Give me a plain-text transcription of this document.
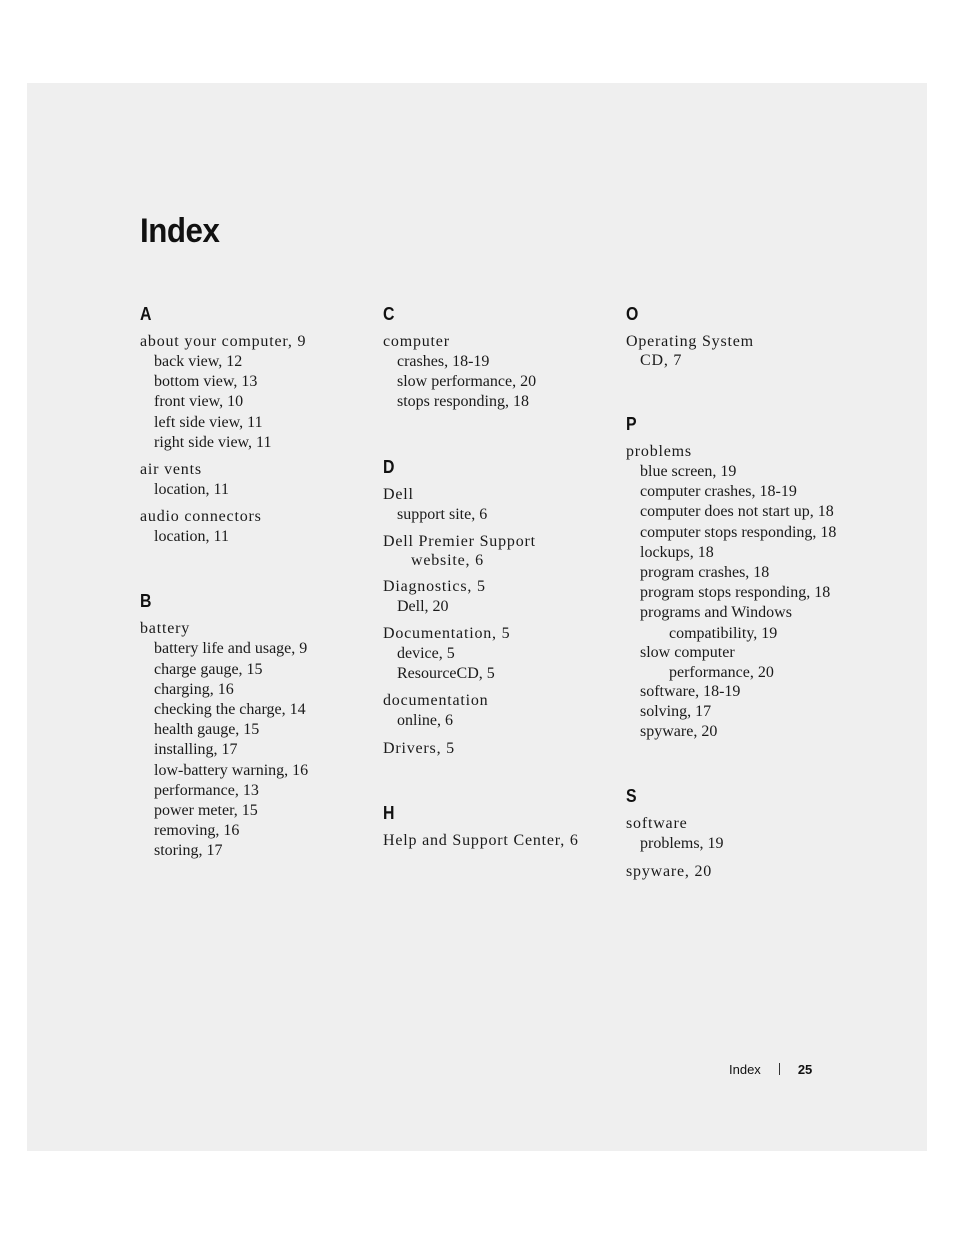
Index
A
about your computer, 9
back view, 12
bottom view, 13
front view, 10
left side view, 11
right side view, 11
air vents
location, 11
audio connectors
location, 11
B
battery
battery life and usage, 9
charge gauge, 15
charging, 16
checking the charge, 14
health gauge, 15
installing, 17
low-battery warning, 16
performance, 13
power meter, 15
removing, 16
storing, 17
C
computer
crashes, 18-19
slow performance, 20
stops responding, 18
D
Dell
support site, 6
Dell Premier Support
website, 6
Diagnostics, 5
Dell, 20
Documentation, 5
device, 5
ResourceCD, 5
documentation
online, 6
Drivers, 5
H
Help and Support Center, 6
O
Operating System
CD, 7
P
problems
blue screen, 19
computer crashes, 18-19
computer does not start up, 18
computer stops responding, 18
lockups, 18
program crashes, 18
program stops responding, 18
programs and Windows
compatibility, 19
slow computer
performance, 20
software, 18-19
solving, 17
spyware, 20
S
software
problems, 19
spyware, 20
Index	25
